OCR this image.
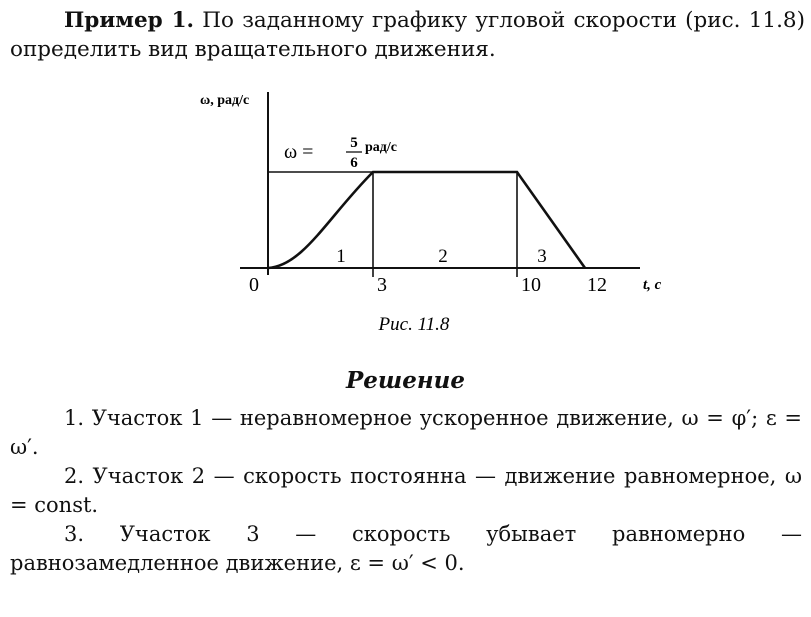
Пример 1. По заданному графику угловой скорости (рис. 11.8) определить вид вращательного движения.
ω, рад/с
ω = 5
6
рад/с
1	2	3
0	3	10 12 t, с
Рис. 11.8
Решение

1. Участок 1 — неравномерное ускоренное движение, ω = φ′; ε = ω′.

2. Участок 2 — скорость постоянна — движение равномерное, ω = const.

3. Участок 3 — скорость убывает равномерно — равнозамедленное движение, ε = ω′ < 0.
